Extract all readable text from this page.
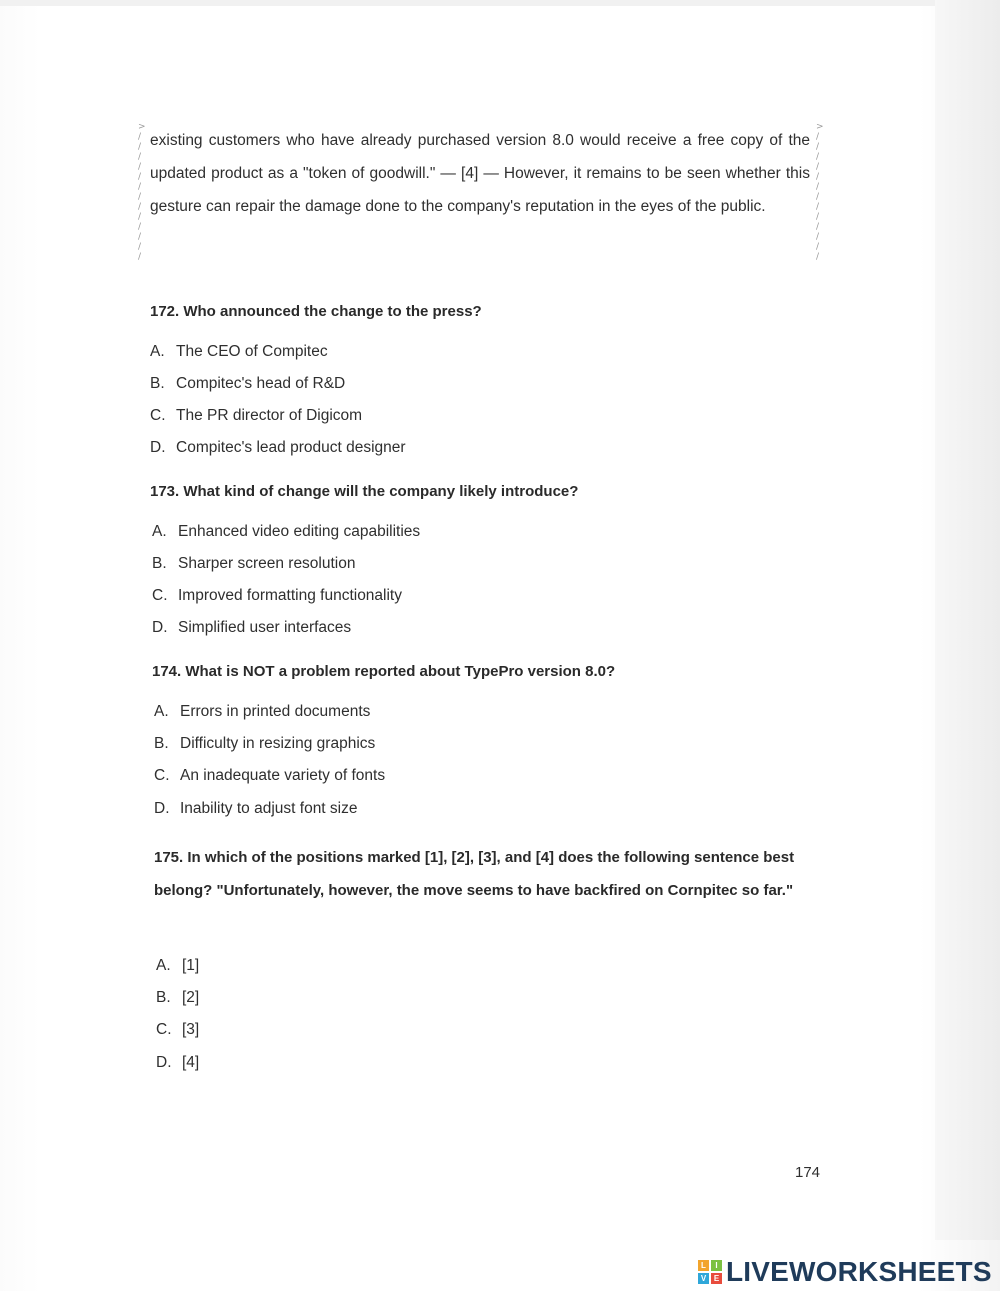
>
/
/
/
/
/
/
/
/
/
/
/
/
/
>
/
/
/
/
/
/
/
/
/
/
/
/
/
existing customers who have already purchased version 8.0 would receive a free copy of the updated product as a "token of goodwill." — [4] — However, it remains to be seen whether this gesture can repair the damage done to the company's reputation in the eyes of the public.
172. Who announced the change to the press?
A. The CEO of Compitec
B. Compitec's head of R&D
C. The PR director of Digicom
D. Compitec's lead product designer
173. What kind of change will the company likely introduce?
A. Enhanced video editing capabilities
B. Sharper screen resolution
C. Improved formatting functionality
D. Simplified user interfaces
174. What is NOT a problem reported about TypePro version 8.0?
A. Errors in printed documents
B. Difficulty in resizing graphics
C. An inadequate variety of fonts
D. Inability to adjust font size
175. In which of the positions marked [1], [2], [3], and [4] does the following sentence best belong? "Unfortunately, however, the move seems to have backfired on Cornpitec so far."
A. [1]
B. [2]
C. [3]
D. [4]
174
L	I
V E LIVEWORKSHEETS
